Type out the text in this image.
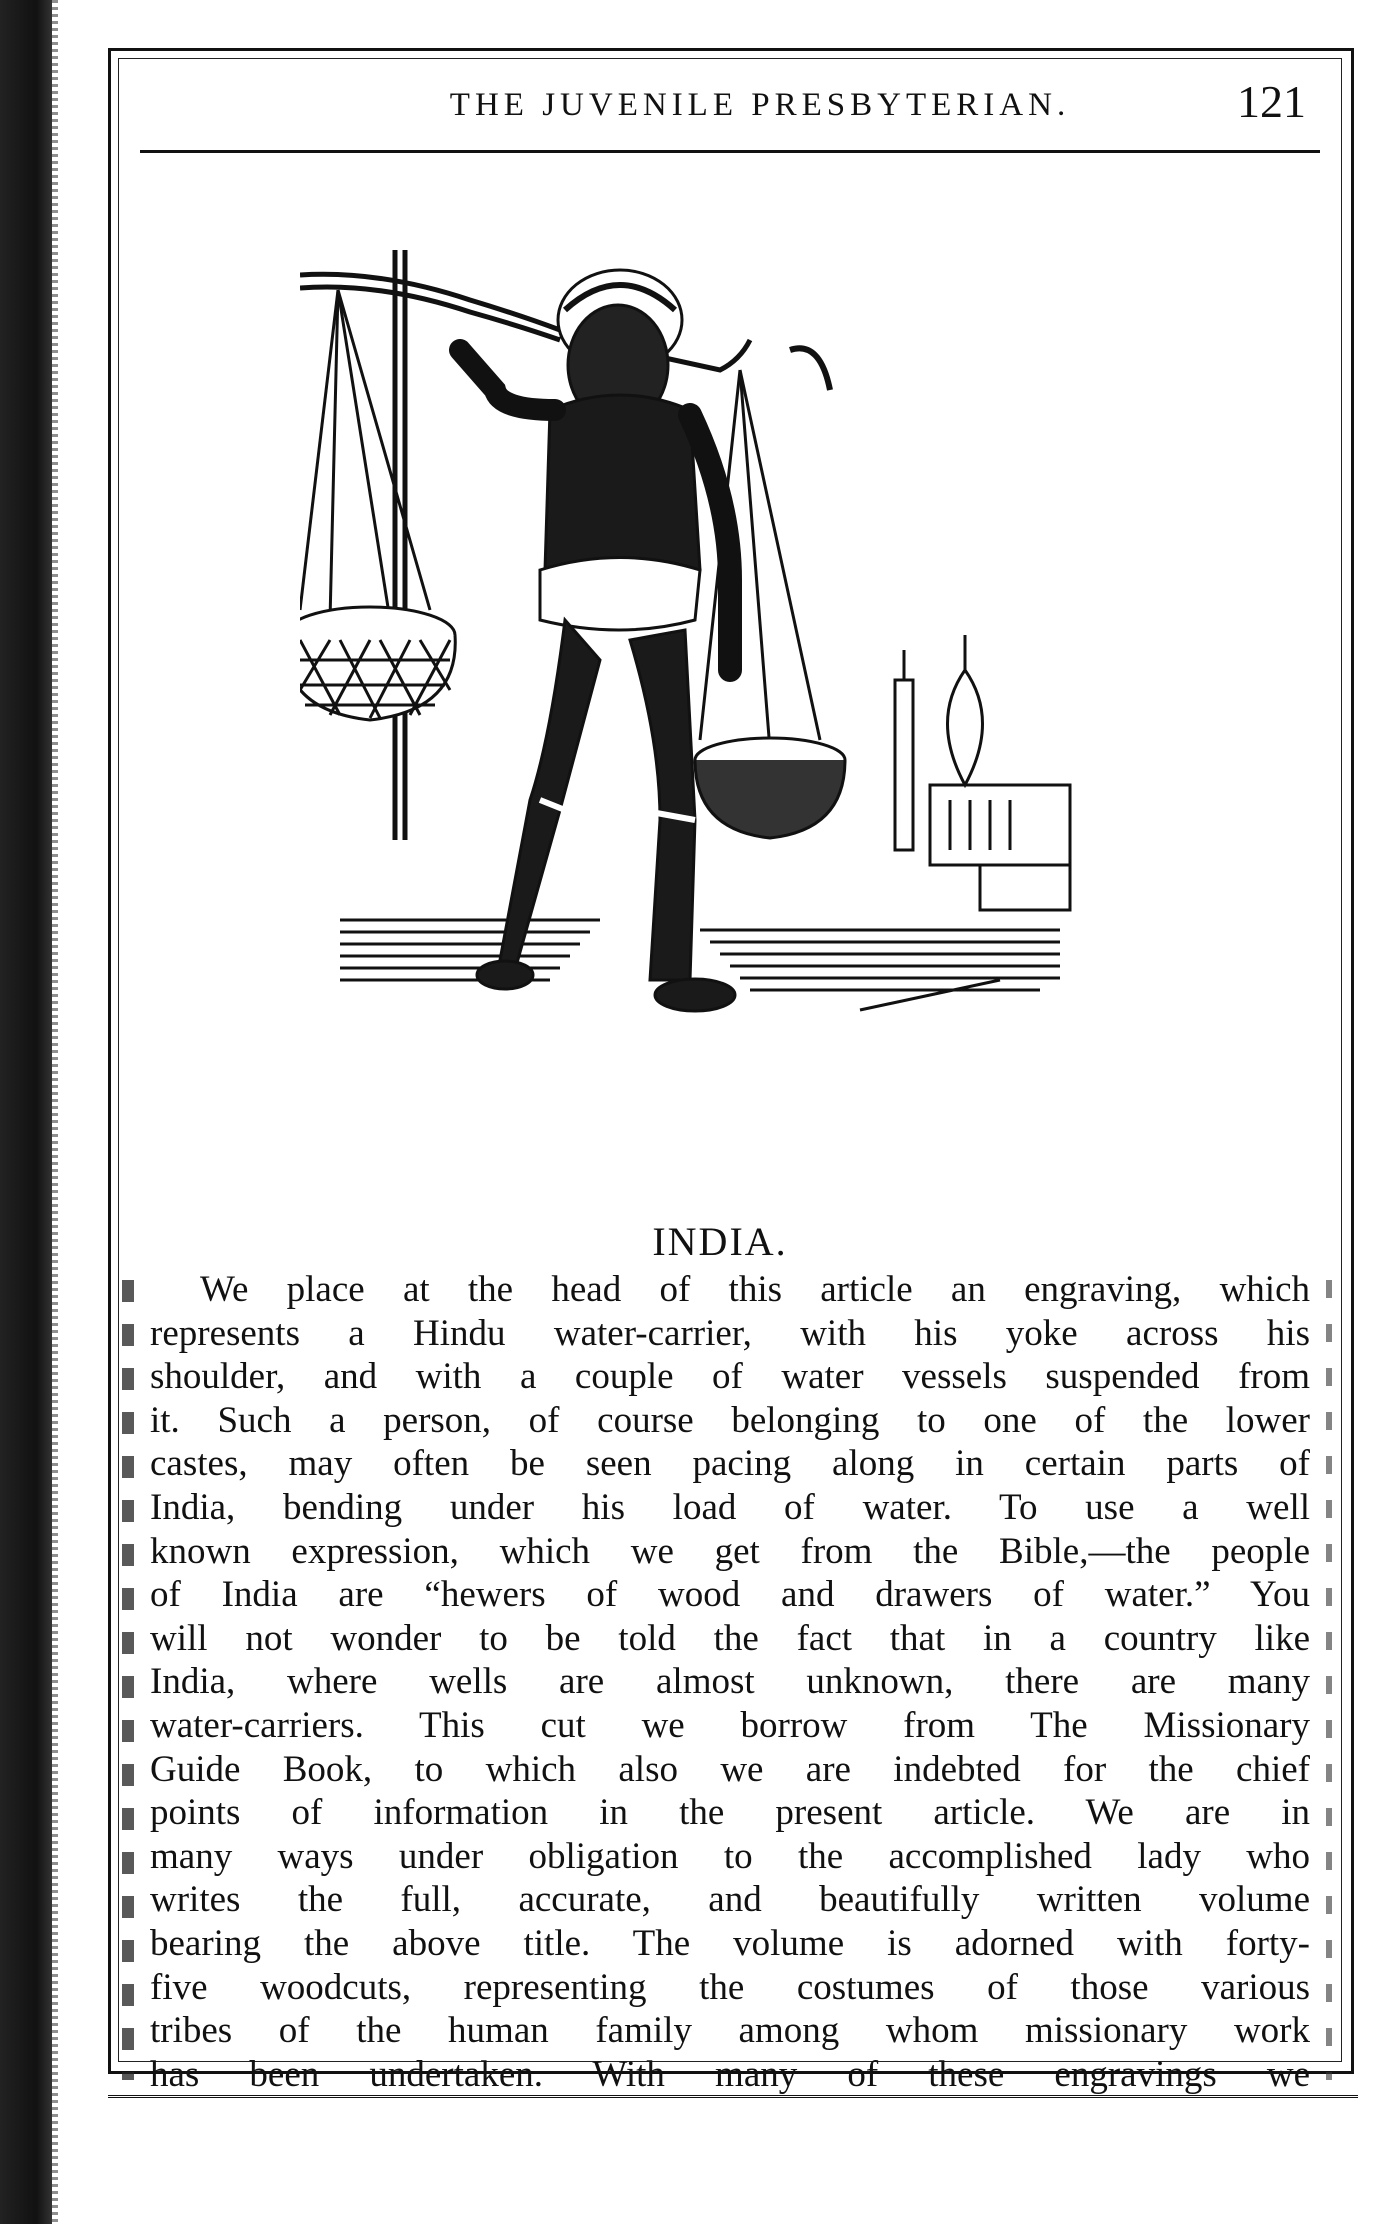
THE JUVENILE PRESBYTERIAN.	121
INDIA.
We place at the head of this article an engraving, which
represents a Hindu water-carrier, with his yoke across his
shoulder, and with a couple of water vessels suspended from
it. Such a person, of course belonging to one of the lower
castes, may often be seen pacing along in certain parts of
India, bending under his load of water. To use a well
known expression, which we get from the Bible,—the people
of India are “hewers of wood and drawers of water.” You
will not wonder to be told the fact that in a country like
India, where wells are almost unknown, there are many
water-carriers. This cut we borrow from The Missionary
Guide Book, to which also we are indebted for the chief
points of information in the present article. We are in
many ways under obligation to the accomplished lady who
writes the full, accurate, and beautifully written volume
bearing the above title. The volume is adorned with forty-
five woodcuts, representing the costumes of those various
tribes of the human family among whom missionary work
has been undertaken. With many of these engravings we
